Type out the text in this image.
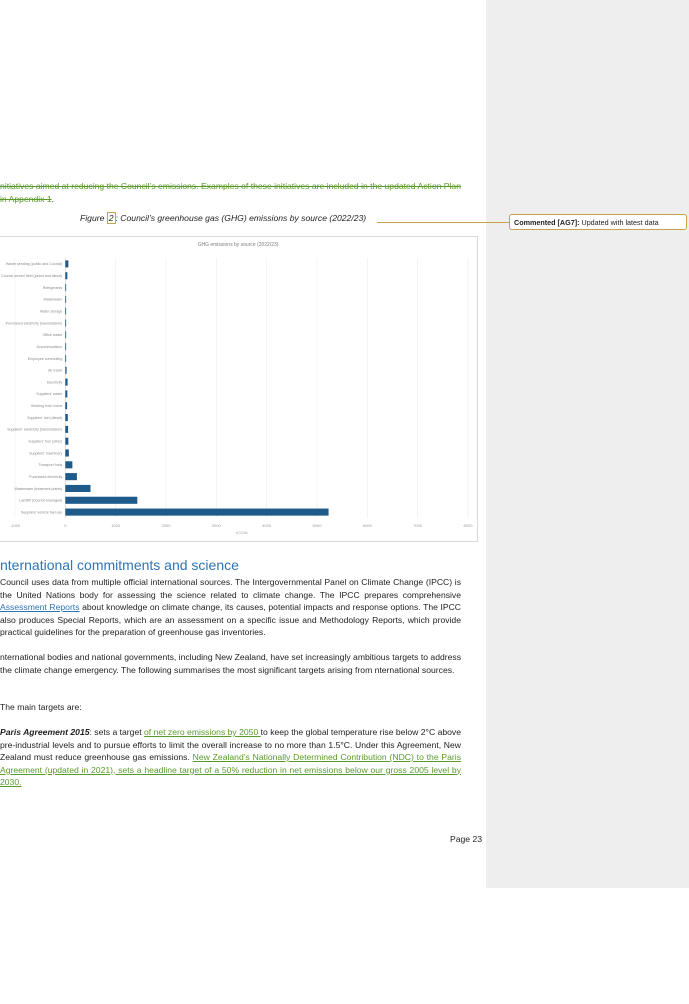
nitiatives aimed at reducing the Council’s emissions. Examples of these initiatives are included in the updated Action Plan in Appendix 1.

Figure 2 : Council’s greenhouse gas (GHG) emissions by source (2022/23)	Commented [AG7]: Updated with latest data
GHG emissions by source (2022/23)
Waste sending (public and Council)
Council-owned fleet (petrol and diesel)
Refrigerants
Wastewater
Water storage
Purchased electricity (transmission)
Office waste
Accommodation
Employee commuting
Air travel
Electricity
Suppliers' waste
Working from home
Suppliers' fuel (diesel)
Suppliers' electricity (transmission)
Suppliers' fuel (other)
Suppliers' machinery
Transport fuels
Purchased electricity
Wastewater (treatment plants)
Landfill (Council-managed)
Suppliers' vehicle fuel use
-1000	0	1000	2000	3000	4000	5000	6000	7000	8000
tCO2e
nternational commitments and science

Council uses data from multiple official international sources. The Intergovernmental Panel on Climate Change (IPCC) is the United Nations body for assessing the science related to climate change. The IPCC prepares comprehensive Assessment Reports about knowledge on climate change, its causes, potential impacts and response options. The IPCC also produces Special Reports, which are an assessment on a specific issue and Methodology Reports, which provide practical guidelines for the preparation of greenhouse gas inventories.

nternational bodies and national governments, including New Zealand, have set increasingly ambitious targets to address the climate change emergency. The following summarises the most significant targets arising from nternational sources.

The main targets are:

Paris Agreement 2015: sets a target of net zero emissions by 2050 to keep the global temperature rise below 2°C above pre-industrial levels and to pursue efforts to limit the overall increase to no more than 1.5°C. Under this Agreement, New Zealand must reduce greenhouse gas emissions. New Zealand’s Nationally Determined Contribution (NDC) to the Paris Agreement (updated in 2021), sets a headline target of a 50% reduction in net emissions below our gross 2005 level by 2030.

Page 23
